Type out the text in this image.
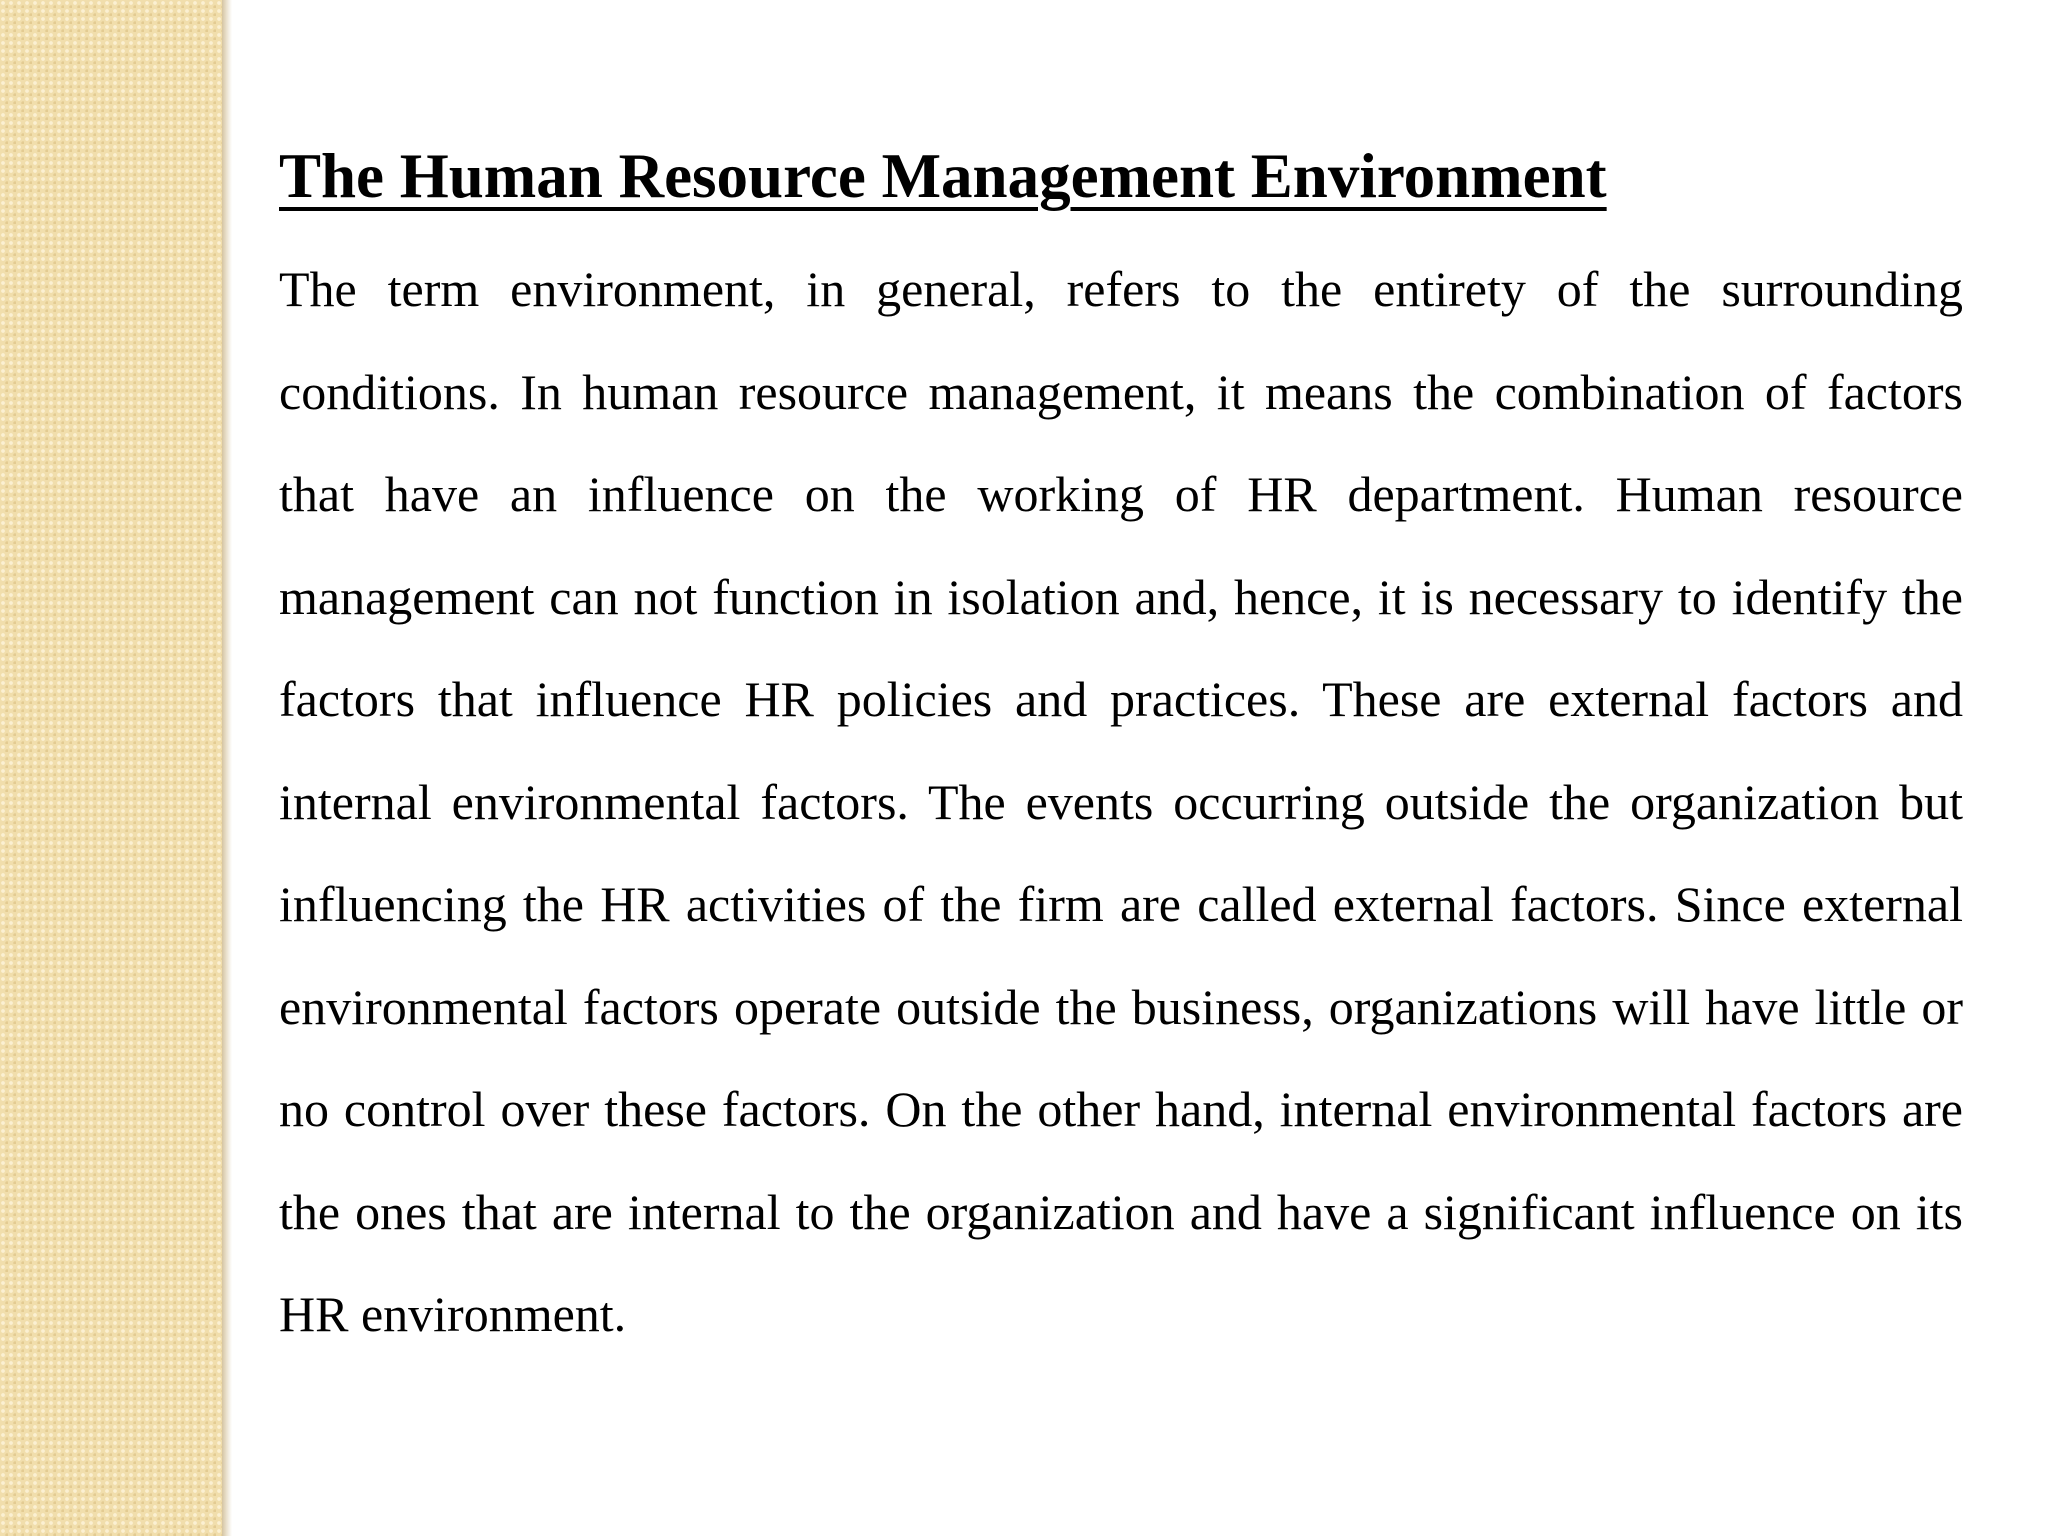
The Human Resource Management Environment

The term environment, in general, refers to the entirety of the surrounding conditions. In human resource management, it means the combination of factors that have an influence on the working of HR department. Human resource management can not function in isolation and, hence, it is necessary to identify the factors that influence HR policies and practices. These are external factors and internal environmental factors. The events occurring outside the organization but influencing the HR activities of the firm are called external factors. Since external environmental factors operate outside the business, organizations will have little or no control over these factors. On the other hand, internal environmental factors are the ones that are internal to the organization and have a significant influence on its HR environment.
